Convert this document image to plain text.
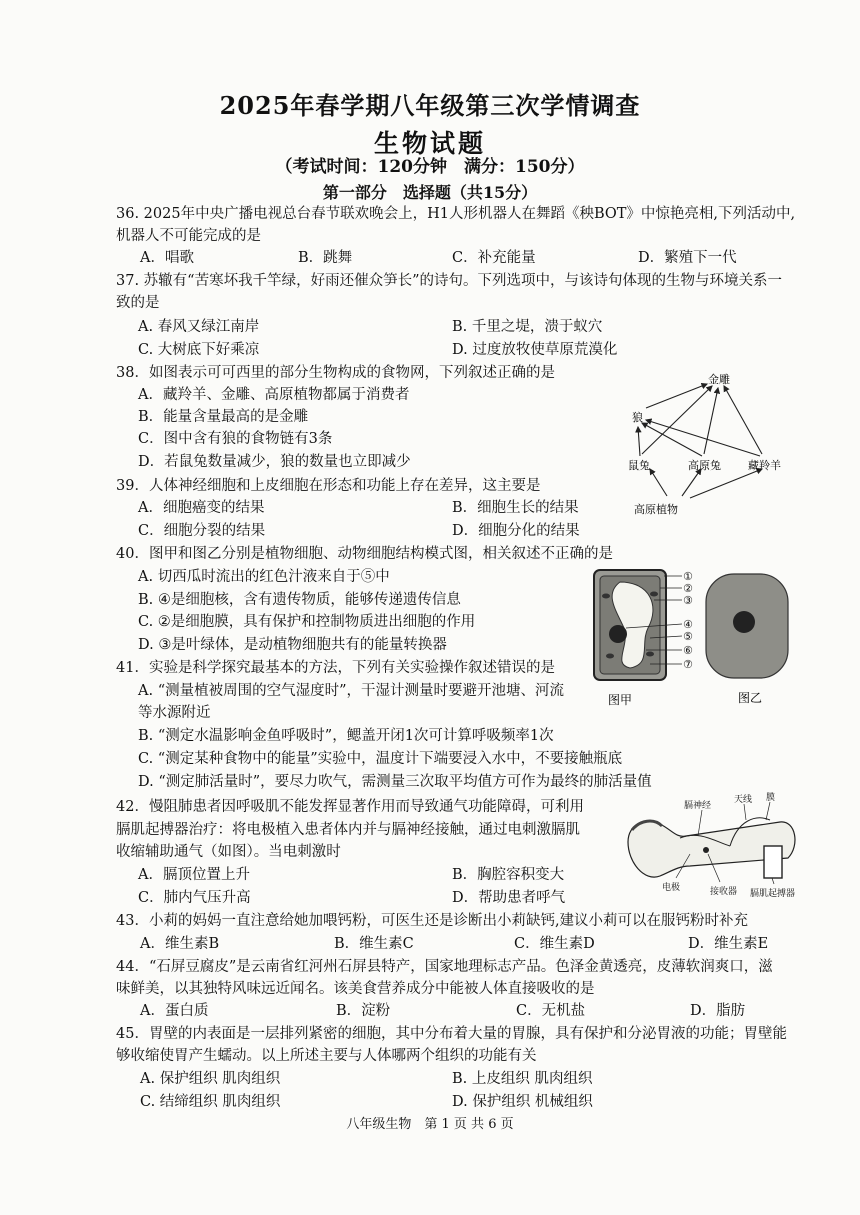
2025年春学期八年级第三次学情调查
生物试题
（考试时间：120分钟　满分：150分）
第一部分　选择题（共15分）
36. 2025年中央广播电视总台春节联欢晚会上，H1人形机器人在舞蹈《秧BOT》中惊艳亮相,下列活动中,
机器人不可能完成的是
A．唱歌	B．跳舞	C．补充能量	D．繁殖下一代
37. 苏辙有“苦寒坏我千竿绿，好雨还催众笋长”的诗句。下列选项中，与该诗句体现的生物与环境关系一
致的是
A. 春风又绿江南岸	B. 千里之堤，溃于蚁穴
C. 大树底下好乘凉	D. 过度放牧使草原荒漠化
38．如图表示可可西里的部分生物构成的食物网，下列叙述正确的是
A．藏羚羊、金雕、高原植物都属于消费者
B．能量含量最高的是金雕
C．图中含有狼的食物链有3条
D．若鼠兔数量减少，狼的数量也立即减少
金雕
狼
鼠兔	高原兔 藏羚羊
高原植物
39．人体神经细胞和上皮细胞在形态和功能上存在差异，这主要是
A．细胞癌变的结果	B．细胞生长的结果
C．细胞分裂的结果	D．细胞分化的结果
40．图甲和图乙分别是植物细胞、动物细胞结构模式图，相关叙述不正确的是
A. 切西瓜时流出的红色汁液来自于⑤中
B. ④是细胞核，含有遗传物质，能够传递遗传信息
C. ②是细胞膜，具有保护和控制物质进出细胞的作用
D. ③是叶绿体，是动植物细胞共有的能量转换器
①
②
③
④
⑤
⑥
⑦
图甲	图乙
41．实验是科学探究最基本的方法，下列有关实验操作叙述错误的是
A. “测量植被周围的空气湿度时”，干湿计测量时要避开池塘、河流
等水源附近
B. “测定水温影响金鱼呼吸时”，鳃盖开闭1次可计算呼吸频率1次
C. “测定某种食物中的能量”实验中，温度计下端要浸入水中，不要接触瓶底
D. “测定肺活量时”，要尽力吹气，需测量三次取平均值方可作为最终的肺活量值
42．慢阻肺患者因呼吸肌不能发挥显著作用而导致通气功能障碍，可利用
膈肌起搏器治疗：将电极植入患者体内并与膈神经接触，通过电刺激膈肌
收缩辅助通气（如图）。当电刺激时
A．膈顶位置上升	B．胸腔容积变大
C．肺内气压升高	D．帮助患者呼气
膈神经
天线 膜
电极	接收器 膈肌起搏器
43．小莉的妈妈一直注意给她加喂钙粉，可医生还是诊断出小莉缺钙,建议小莉可以在服钙粉时补充
A．维生素B	B．维生素C	C．维生素D	D．维生素E
44．“石屏豆腐皮”是云南省红河州石屏县特产，国家地理标志产品。色泽金黄透亮，皮薄软润爽口，滋
味鲜美，以其独特风味远近闻名。该美食营养成分中能被人体直接吸收的是
A．蛋白质	B．淀粉	C．无机盐	D．脂肪
45．胃壁的内表面是一层排列紧密的细胞，其中分布着大量的胃腺，具有保护和分泌胃液的功能；胃壁能
够收缩使胃产生蠕动。以上所述主要与人体哪两个组织的功能有关
A. 保护组织 肌肉组织	B. 上皮组织 肌肉组织
C. 结缔组织 肌肉组织	D. 保护组织 机械组织
八年级生物　第 1 页 共 6 页
